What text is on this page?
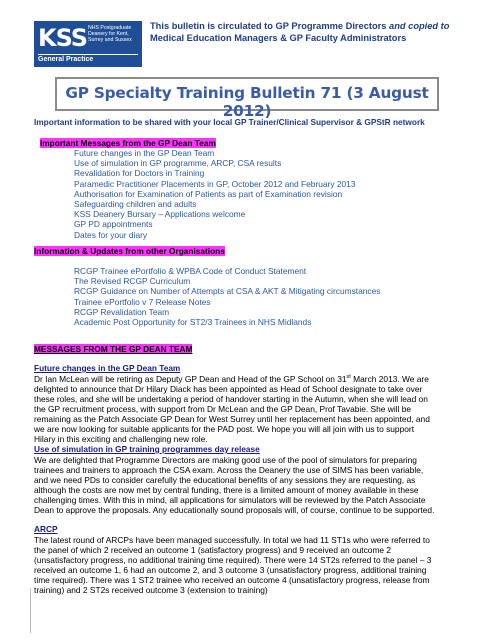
KSS NHS Postgraduate Deanery for Kent, Surrey and Sussex
General Practice
This bulletin is circulated to GP Programme Directors and copied to
Medical Education Managers & GP Faculty Administrators
GP Specialty Training Bulletin 71 (3 August 2012)
Important information to be shared with your local GP Trainer/Clinical Supervisor & GPStR network
Important Messages from the GP Dean Team
Future changes in the GP Dean Team
Use of simulation in GP programme, ARCP, CSA results
Revalidation for Doctors in Training
Paramedic Practitioner Placements in GP, October 2012 and February 2013
Authorisation for Examination of Patients as part of Examination revision
Safeguarding children and adults
KSS Deanery Bursary – Applications welcome
GP PD appointments
Dates for your diary
Information & Updates from other Organisations
RCGP Trainee ePortfolio & WPBA Code of Conduct Statement
The Revised RCGP Curriculum
RCGP Guidance on Number of Attempts at CSA & AKT & Mitigating circumstances
Trainee ePortfolio v 7 Release Notes
RCGP Revalidation Team
Academic Post Opportunity for ST2/3 Trainees in NHS Midlands
MESSAGES FROM THE GP DEAN TEAM
Future changes in the GP Dean Team
Dr Ian McLean will be retiring as Deputy GP Dean and Head of the GP School on 31st March 2013. We are
delighted to announce that Dr Hilary Diack has been appointed as Head of School designate to take over
these roles, and she will be undertaking a period of handover starting in the Autumn, when she will lead on
the GP recruitment process, with support from Dr McLean and the GP Dean, Prof Tavabie. She will be
remaining as the Patch Associate GP Dean for West Surrey until her replacement has been appointed, and
we are now looking for suitable applicants for the PAD post. We hope you will all join with us to support
Hilary in this exciting and challenging new role.
Use of simulation in GP training programmes day release
We are delighted that Programme Directors are making good use of the pool of simulators for preparing
trainees and trainers to approach the CSA exam. Across the Deanery the use of SIMS has been variable,
and we need PDs to consider carefully the educational benefits of any sessions they are requesting, as
although the costs are now met by central funding, there is a limited amount of money available in these
challenging times. With this in mind, all applications for simulators will be reviewed by the Patch Associate
Dean to approve the proposals. Any educationally sound proposals will, of course, continue to be supported.
ARCP
The latest round of ARCPs have been managed successfully. In total we had 11 ST1s who were referred to
the panel of which 2 received an outcome 1 (satisfactory progress) and 9 received an outcome 2
(unsatisfactory progress, no additional training time required). There were 14 ST2s referred to the panel – 3
received an outcome 1, 6 had an outcome 2, and 3 outcome 3 (unsatisfactory progress, additional training
time required). There was 1 ST2 trainee who received an outcome 4 (unsatisfactory progress, release from
training) and 2 ST2s received outcome 3 (extension to training)
